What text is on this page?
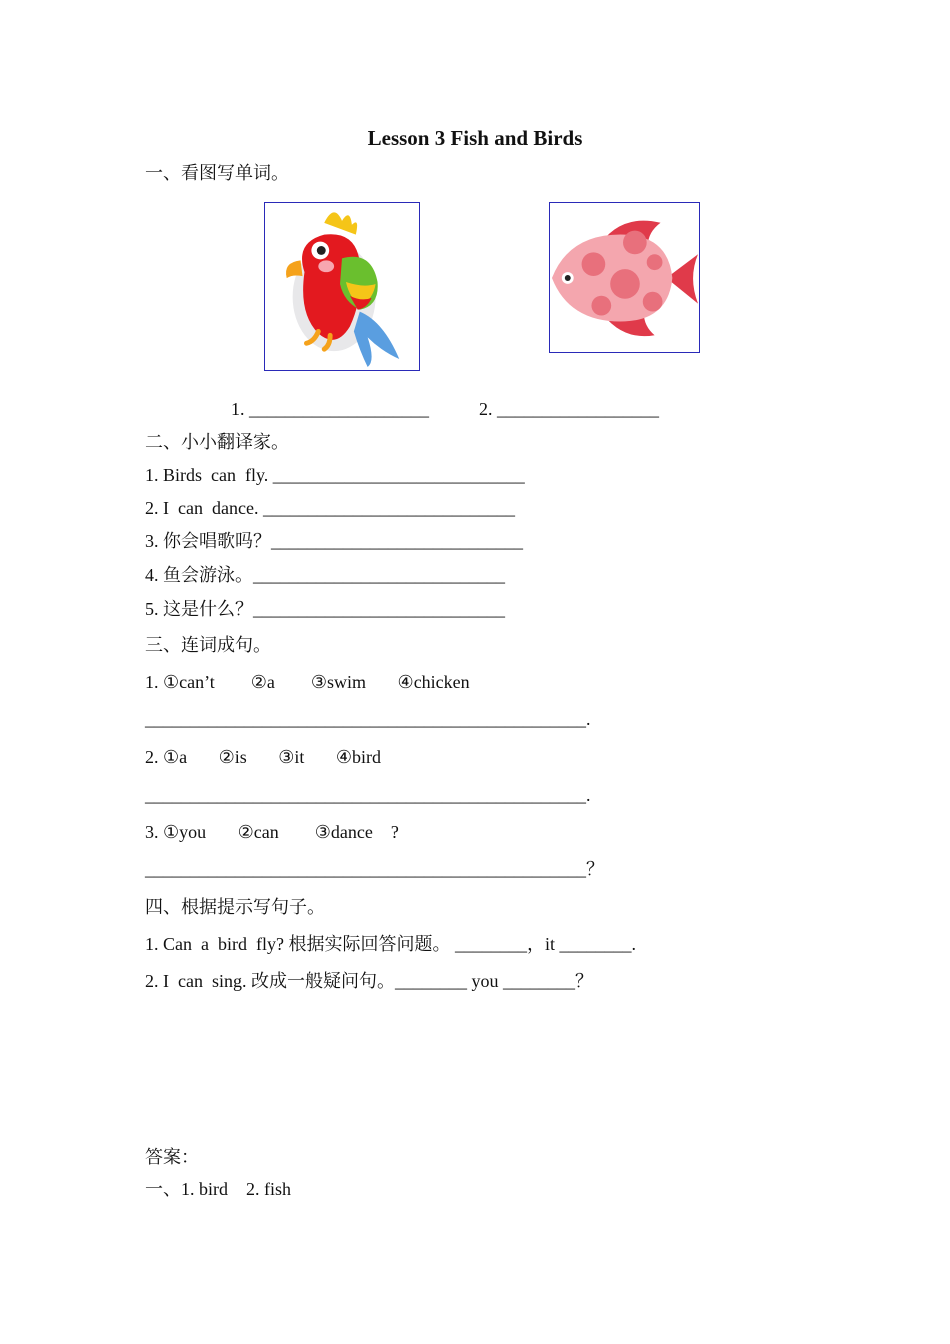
Lesson 3 Fish and Birds
一、看图写单词。
1. ____________________	2. __________________
二、小小翻译家。
1. Birds  can  fly. ____________________________
2. I  can  dance. ____________________________
3. 你会唱歌吗？____________________________
4. 鱼会游泳。____________________________
5. 这是什么？____________________________
三、连词成句。
1. ①can’t        ②a        ③swim       ④chicken
_________________________________________________.
2. ①a       ②is       ③it       ④bird
_________________________________________________.
3. ①you       ②can        ③dance    ?
_________________________________________________？
四、根据提示写句子。
1. Can  a  bird  fly? 根据实际回答问题。 ________，it ________.
2. I  can  sing. 改成一般疑问句。________ you ________？
答案：
一、1. bird    2. fish
